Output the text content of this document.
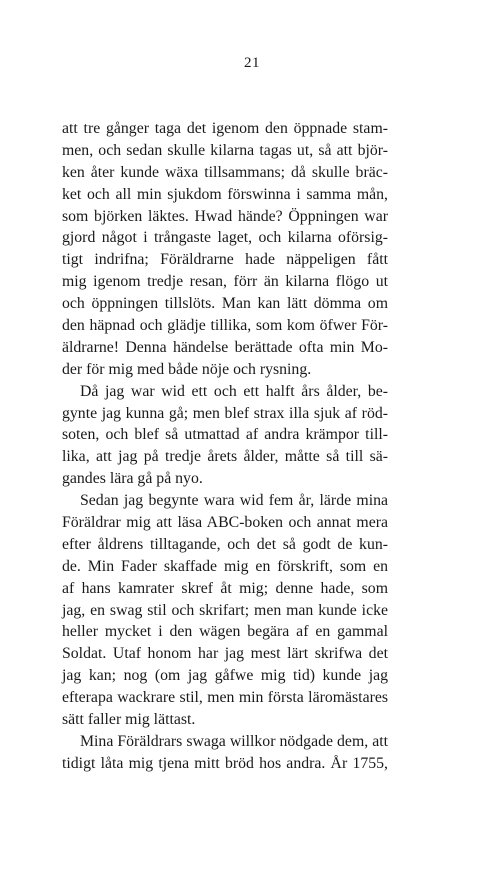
21
att tre gånger taga det igenom den öppnade stam-
men, och sedan skulle kilarna tagas ut, så att björ-
ken åter kunde wäxa tillsammans; då skulle bräc-
ket och all min sjukdom förswinna i samma mån,
som björken läktes. Hwad hände? Öppningen war
gjord något i trångaste laget, och kilarna oförsig-
tigt indrifna; Föräldrarne hade näppeligen fått
mig igenom tredje resan, förr än kilarna flögo ut
och öppningen tillslöts. Man kan lätt dömma om
den häpnad och glädje tillika, som kom öfwer För-
äldrarne! Denna händelse berättade ofta min Mo-
der för mig med både nöje och rysning.
Då jag war wid ett och ett halft års ålder, be-
gynte jag kunna gå; men blef strax illa sjuk af röd-
soten, och blef så utmattad af andra krämpor till-
lika, att jag på tredje årets ålder, måtte så till sä-
gandes lära gå på nyo.
Sedan jag begynte wara wid fem år, lärde mina
Föräldrar mig att läsa ABC-boken och annat mera
efter åldrens tilltagande, och det så godt de kun-
de. Min Fader skaffade mig en förskrift, som en
af hans kamrater skref åt mig; denne hade, som
jag, en swag stil och skrifart; men man kunde icke
heller mycket i den wägen begära af en gammal
Soldat. Utaf honom har jag mest lärt skrifwa det
jag kan; nog (om jag gåfwe mig tid) kunde jag
efterapa wackrare stil, men min första läromästares
sätt faller mig lättast.
Mina Föräldrars swaga willkor nödgade dem, att
tidigt låta mig tjena mitt bröd hos andra. År 1755,
